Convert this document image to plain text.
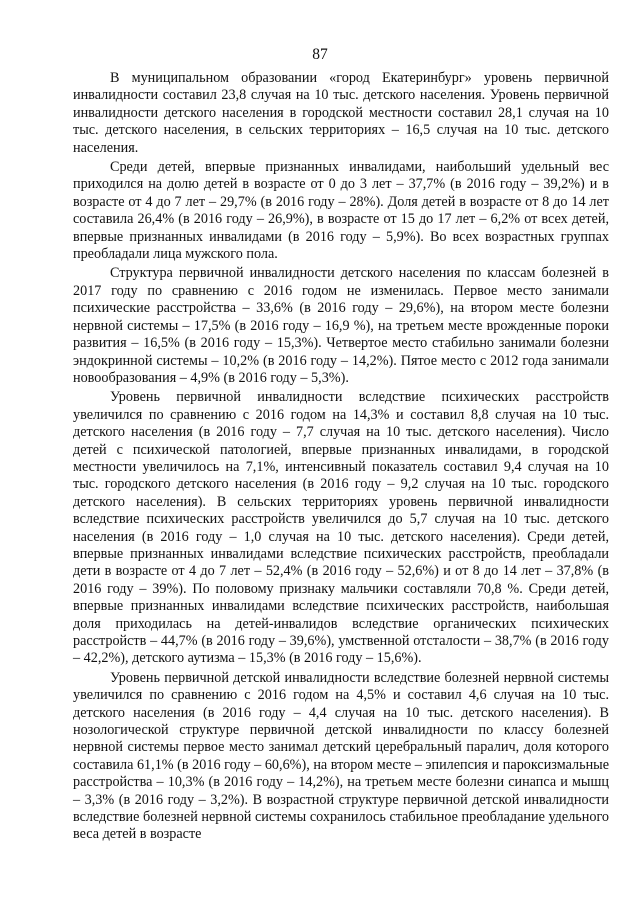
87

В муниципальном образовании «город Екатеринбург» уровень первичной инвалидности составил 23,8 случая на 10 тыс. детского населения. Уровень первичной инвалидности детского населения в городской местности составил 28,1 случая на 10 тыс. детского населения, в сельских территориях – 16,5 случая на 10 тыс. детского населения.

Среди детей, впервые признанных инвалидами, наибольший удельный вес приходился на долю детей в возрасте от 0 до 3 лет – 37,7% (в 2016 году – 39,2%) и в возрасте от 4 до 7 лет – 29,7% (в 2016 году – 28%). Доля детей в возрасте от 8 до 14 лет составила 26,4% (в 2016 году – 26,9%), в возрасте от 15 до 17 лет – 6,2% от всех детей, впервые признанных инвалидами (в 2016 году – 5,9%). Во всех возрастных группах преобладали лица мужского пола.

Структура первичной инвалидности детского населения по классам болезней в 2017 году по сравнению с 2016 годом не изменилась. Первое место занимали психические расстройства – 33,6% (в 2016 году – 29,6%), на втором месте болезни нервной системы – 17,5% (в 2016 году – 16,9 %), на третьем месте врожденные пороки развития – 16,5% (в 2016 году – 15,3%). Четвертое место стабильно занимали болезни эндокринной системы – 10,2% (в 2016 году – 14,2%). Пятое место с 2012 года занимали новообразования – 4,9% (в 2016 году – 5,3%).

Уровень первичной инвалидности вследствие психических расстройств увеличился по сравнению с 2016 годом на 14,3% и составил 8,8 случая на 10 тыс. детского населения (в 2016 году – 7,7 случая на 10 тыс. детского населения). Число детей с психической патологией, впервые признанных инвалидами, в городской местности увеличилось на 7,1%, интенсивный показатель составил 9,4 случая на 10 тыс. городского детского населения (в 2016 году – 9,2 случая на 10 тыс. городского детского населения). В сельских территориях уровень первичной инвалидности вследствие психических расстройств увеличился до 5,7 случая на 10 тыс. детского населения (в 2016 году – 1,0 случая на 10 тыс. детского населения). Среди детей, впервые признанных инвалидами вследствие психических расстройств, преобладали дети в возрасте от 4 до 7 лет – 52,4% (в 2016 году – 52,6%) и от 8 до 14 лет – 37,8% (в 2016 году – 39%). По половому признаку мальчики составляли 70,8 %. Среди детей, впервые признанных инвалидами вследствие психических расстройств, наибольшая доля приходилась на детей-инвалидов вследствие органических психических расстройств – 44,7% (в 2016 году – 39,6%), умственной отсталости – 38,7% (в 2016 году – 42,2%), детского аутизма – 15,3% (в 2016 году – 15,6%).

Уровень первичной детской инвалидности вследствие болезней нервной системы увеличился по сравнению с 2016 годом на 4,5% и составил 4,6 случая на 10 тыс. детского населения (в 2016 году – 4,4 случая на 10 тыс. детского населения). В нозологической структуре первичной детской инвалидности по классу болезней нервной системы первое место занимал детский церебральный паралич, доля которого составила 61,1% (в 2016 году – 60,6%), на втором месте – эпилепсия и пароксизмальные расстройства – 10,3% (в 2016 году – 14,2%), на третьем месте болезни синапса и мышц – 3,3% (в 2016 году – 3,2%). В возрастной структуре первичной детской инвалидности вследствие болезней нервной системы сохранилось стабильное преобладание удельного веса детей в возрасте
